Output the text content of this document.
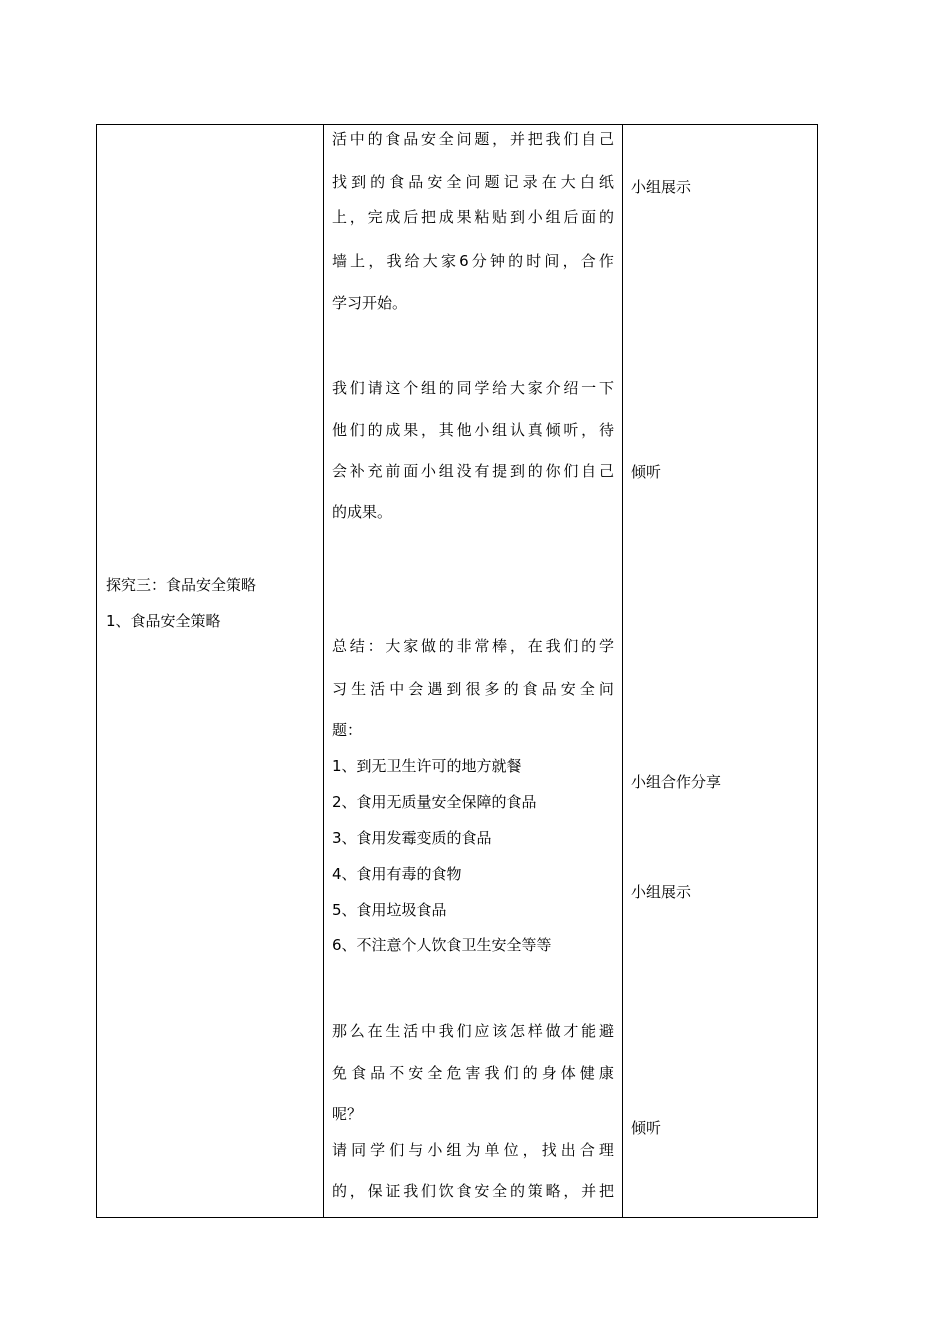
探究三：食品安全策略
1、食品安全策略
活 中 的 食 品 安 全 问 题 ， 并 把 我 们 自 己
找 到 的 食 品 安 全 问 题 记 录 在 大 白 纸
上 ， 完 成 后 把 成 果 粘 贴 到 小 组 后 面 的
墙 上 ， 我 给 大 家 6 分 钟 的 时 间 ， 合 作
学习开始。
我 们 请 这 个 组 的 同 学 给 大 家 介 绍 一 下
他 们 的 成 果 ， 其 他 小 组 认 真 倾 听 ， 待
会 补 充 前 面 小 组 没 有 提 到 的 你 们 自 己
的成果。
总 结 ： 大 家 做 的 非 常 棒 ， 在 我 们 的 学
习 生 活 中 会 遇 到 很 多 的 食 品 安 全 问
题：
1、到无卫生许可的地方就餐
2、食用无质量安全保障的食品
3、食用发霉变质的食品
4、食用有毒的食物
5、食用垃圾食品
6、不注意个人饮食卫生安全等等
那 么 在 生 活 中 我 们 应 该 怎 样 做 才 能 避
免 食 品 不 安 全 危 害 我 们 的 身 体 健 康
呢？
请 同 学 们 与 小 组 为 单 位 ， 找 出 合 理
的 ， 保 证 我 们 饮 食 安 全 的 策 略 ， 并 把
小组展示
倾听
小组合作分享
小组展示
倾听
